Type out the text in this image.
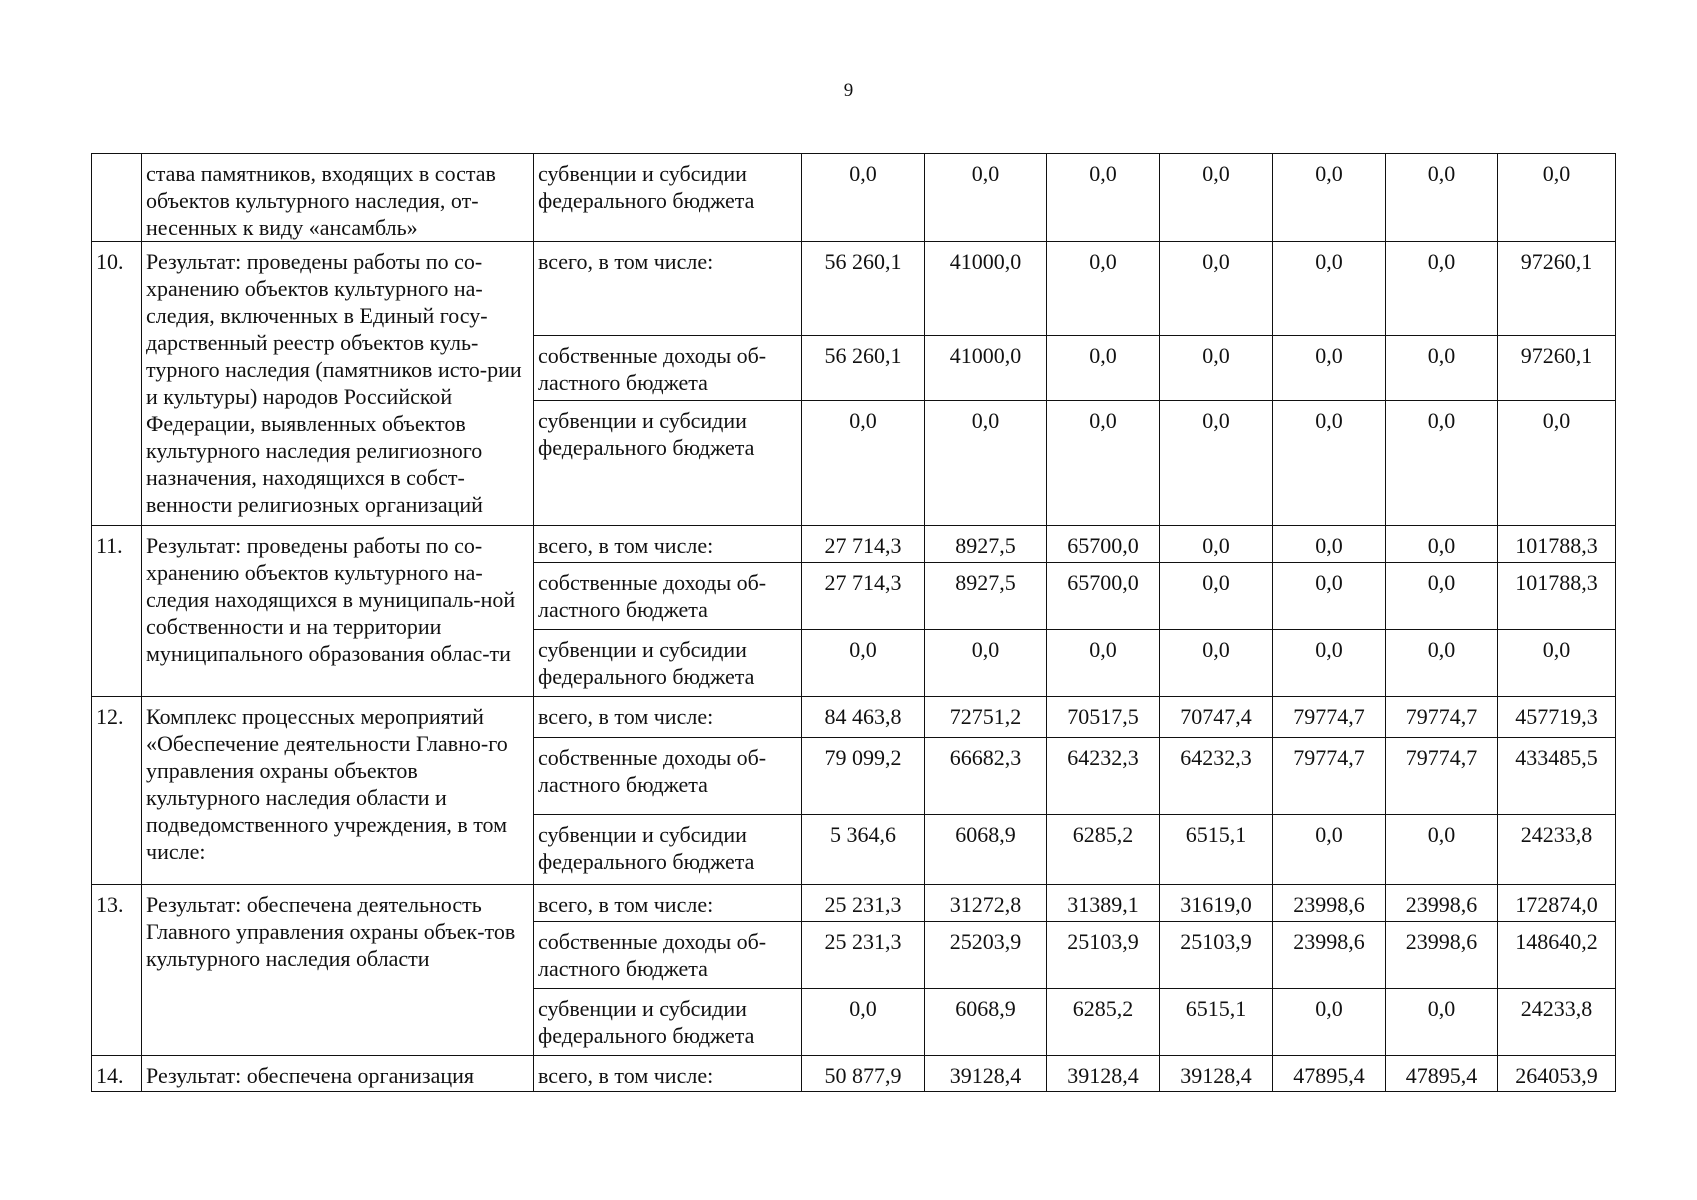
9
	става памятников, входящих в состав объектов культурного наследия, от-несенных к виду «ансамбль»	субвенции и субсидии федерального бюджета	0,0	0,0	0,0	0,0	0,0	0,0	0,0
10.	Результат: проведены работы по со-хранению объектов культурного на-следия, включенных в Единый госу-дарственный реестр объектов куль-турного наследия (памятников исто-рии и культуры) народов Российской Федерации, выявленных объектов культурного наследия религиозного назначения, находящихся в собст-венности религиозных организаций	всего, в том числе:	56 260,1	41000,0	0,0	0,0	0,0	0,0	97260,1
		собственные доходы об-ластного бюджета	56 260,1	41000,0	0,0	0,0	0,0	0,0	97260,1
		субвенции и субсидии федерального бюджета	0,0	0,0	0,0	0,0	0,0	0,0	0,0
11.	Результат: проведены работы по со-хранению объектов культурного на-следия находящихся в муниципаль-ной собственности и на территории муниципального образования облас-ти	всего, в том числе:	27 714,3	8927,5	65700,0	0,0	0,0	0,0	101788,3
		собственные доходы об-ластного бюджета	27 714,3	8927,5	65700,0	0,0	0,0	0,0	101788,3
		субвенции и субсидии федерального бюджета	0,0	0,0	0,0	0,0	0,0	0,0	0,0
12.	Комплекс процессных мероприятий «Обеспечение деятельности Главно-го управления охраны объектов культурного наследия области и подведомственного учреждения, в том числе:	всего, в том числе:	84 463,8	72751,2	70517,5	70747,4	79774,7	79774,7	457719,3
		собственные доходы об-ластного бюджета	79 099,2	66682,3	64232,3	64232,3	79774,7	79774,7	433485,5
		субвенции и субсидии федерального бюджета	5 364,6	6068,9	6285,2	6515,1	0,0	0,0	24233,8
13.	Результат: обеспечена деятельность Главного управления охраны объек-тов культурного наследия области	всего, в том числе:	25 231,3	31272,8	31389,1	31619,0	23998,6	23998,6	172874,0
		собственные доходы об-ластного бюджета	25 231,3	25203,9	25103,9	25103,9	23998,6	23998,6	148640,2
		субвенции и субсидии федерального бюджета	0,0	6068,9	6285,2	6515,1	0,0	0,0	24233,8
14.	Результат: обеспечена организация	всего, в том числе:	50 877,9	39128,4	39128,4	39128,4	47895,4	47895,4	264053,9
